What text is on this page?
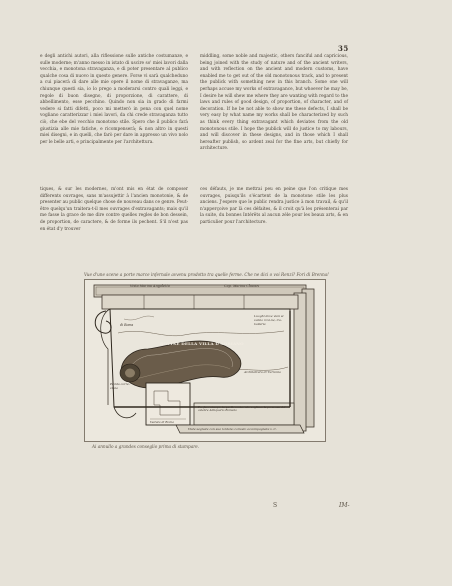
35

e degli antichi autori, alla riflessione sulle antiche costumanze, e sulle moderne; m'anno messo in istato di uscire so' miei lavori dalla vecchia, e monotona stravaganza, e di poter presentare al publico qualche cosa di nuovo in questo genere. Forse vi sarà qualcheduno a cui piacerà di dare alle mie opere il nome di stravaganze, ma chiunque questi sia, io lo prego a moderarsi contro quali leggi, e regole di buon disegno, di proporzione, di carattere, di abbellimento, esse pecchino. Quindo non sia in grado di farmi vedere si fatti difetti, poco mi metterò in pena con quel nome vogliano caratterizzar i miei lavori, da chi crede stravaganza tutto ciò, che ebe del vecchio monotono stile. Spero che il publico farà giustizia alle mie fatiche, e ricompenserà; & non altro in questi miei disegni, e in quelli, che farò per dare in appresso un vivo nolo per le belle arti, e principalmente per l'architettura.

middling, some noble and majestic, others fanciful and capricious, being joined with the study of nature and of the ancient writers, and with reflection on the ancient and modern customs, have enabled me to get out of the old monotonous track, and to present the publick with something new in this branch. Some one will perhaps accuse my works of extravagance, but whoever he may be, I desire he will shew me where they are wanting with regard to the laws and rules of good design, of proportion, of character, and of decoration. If he be not able to show me these defects, I shall be very easy by what name my works shall be characterized by such as think every thing extravagant which deviates from the old monotonous stile. I hope the publick will do justice to my labours, and will discover in these designs, and in those which I shall hereafter publish, so ardent zeal for the fine arts, but chiefly for architecture.

tiques, & sur les modernes, m'ont mis en état de composer differents ouvrages, sans m'assujettir à l'ancien monotonie, & de presenter au public quelque chose de nouveau dans ce genre. Peut-être quelqu'un traitera-t-il mes ouvrages d'extravagants; mais qu'il me fasse la grace de me dire contre quelles regles de bon dessein, de proportion, de caractere, & de forme ils pechent. S'il n'est pas en état d'y trouver

ces défauts, je me mettrai peu en peine que l'on critique mes ouvrages, puisqu'ils s'écartent de la monotone stile les plus anciens. J'espere que le public rendra justice à mon travail, & qu'il n'apperçoive par là ces défaites, & il croit qu'à les présenterai par la suite, du bonnes Intérêts al aucun zèle pour les beaux arts, & en particulier pour l'architecture.

Vue d'une scene a porte marce infernale avvenu prodotto tra quelle ferme. Che ne dici o voi Renzi? Fori di Brenna!
Vista Marina Angoletto	Cap. Marina Chanes
ROVINE DELLA VILLA D'ADRIANO
di Roma
Pianta corre-zione
Luoghi dove vien si vanno rovi-ne, Ca-balleria
Architettura di Turrenia
Veduta di Roma
Per fare riscoperta quelle rovine che vogliono la presenza del celebre Antiquario Romano
Viste segnate con sua lontano comodo accompagnate v. C.
Ai annullo a grandes conseglio prima di stampare.
S	IM-
